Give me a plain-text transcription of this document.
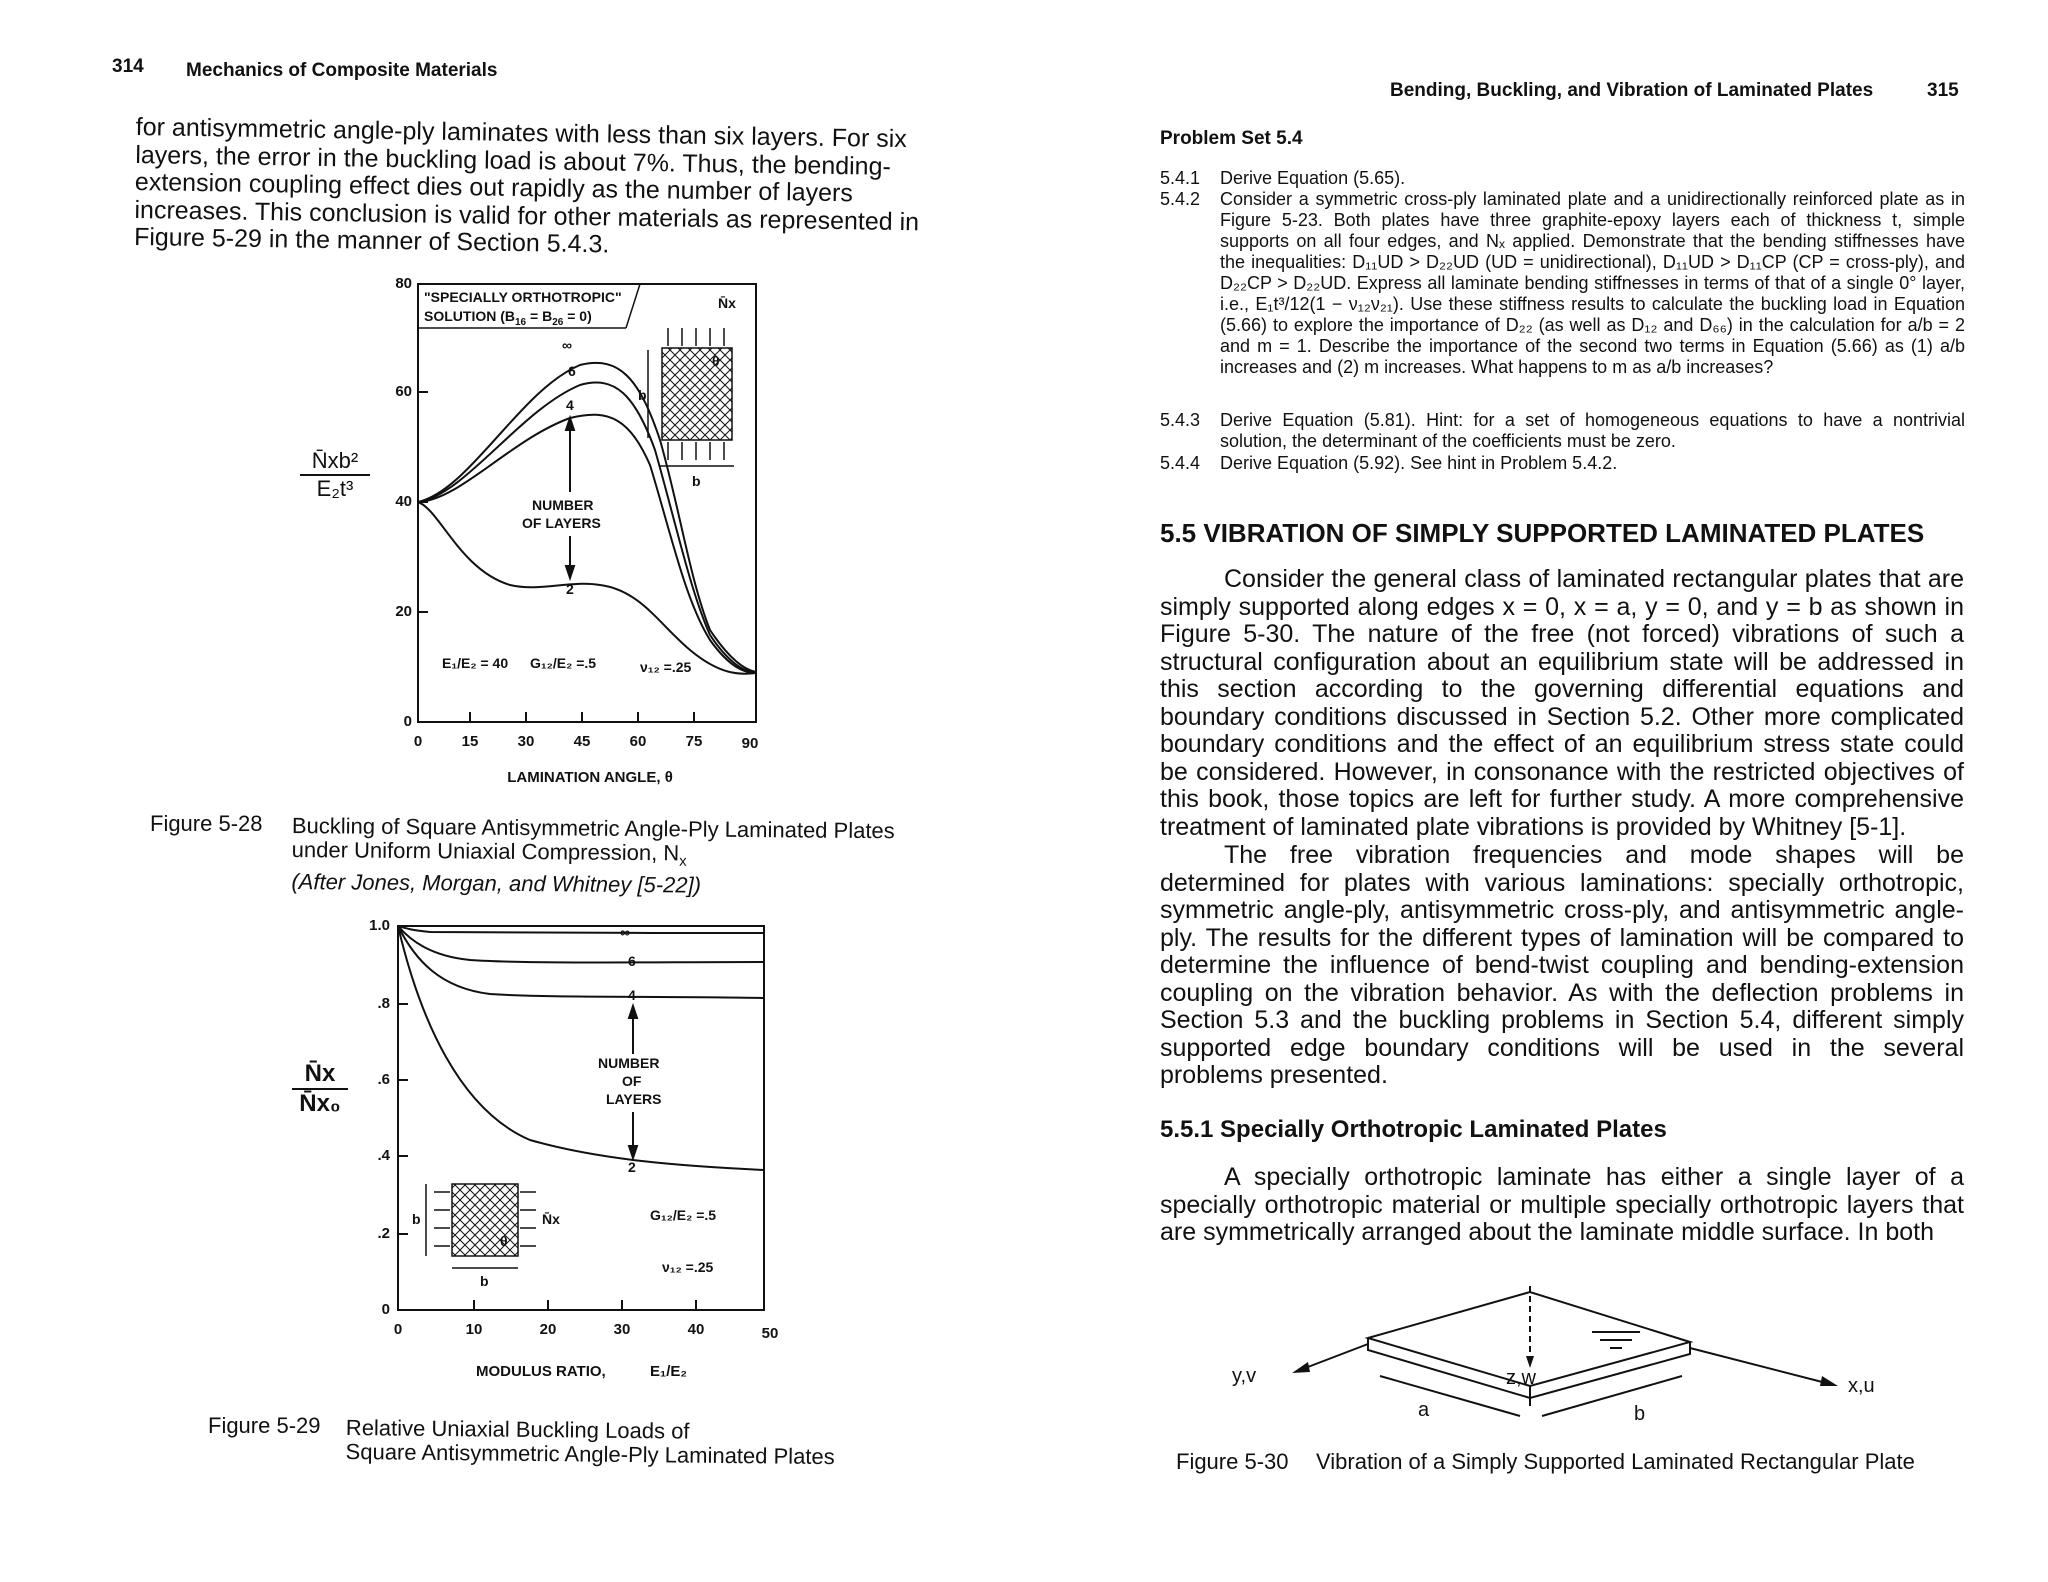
314 Mechanics of Composite Materials
for antisymmetric angle-ply laminates with less than six layers. For six layers, the error in the buckling load is about 7%. Thus, the bending-extension coupling effect dies out rapidly as the number of layers increases. This conclusion is valid for other materials as represented in Figure 5-29 in the manner of Section 5.4.3.
80
60
40
20
0
0	15	30	45	60	75	90
LAMINATION ANGLE, θ
"SPECIALLY ORTHOTROPIC"
SOLUTION $(B_{16} = B_{26} = 0)$
N̄x
∞
6
4
2
NUMBER
OF LAYERS
b
b
θ
E₁/E₂ = 40 G₁₂/E₂ =.5	ν₁₂ =.25
$\frac{\text{N̄xb²}}{\text{E₂t³}}$
Figure 5-28 Buckling of Square Antisymmetric Angle-Ply Laminated Plates
under Uniform Uniaxial Compression, $N_x$
(After Jones, Morgan, and Whitney [5-22])
1.0
.8
.6
.4
.2
0
0	10	20	30	40	50
∞
6
4
2
NUMBER
OF
LAYERS
b
b
θ
N̄x	G₁₂/E₂ =.5
ν₁₂ =.25
MODULUS RATIO,	E₁/E₂
$\frac{N̄x}{\text{N̄x₀}}$
Figure 5-29 Relative Uniaxial Buckling Loads of
Square Antisymmetric Angle-Ply Laminated Plates
Bending, Buckling, and Vibration of Laminated Plates	315
Problem Set 5.4
5.4.1	Derive Equation (5.65).
5.4.2	Consider a symmetric cross-ply laminated plate and a unidirectionally reinforced plate as in Figure 5-23. Both plates have three graphite-epoxy layers each of thickness t, simple supports on all four edges, and Nₓ applied. Demonstrate that the bending stiffnesses have the inequalities: D₁₁UD > D₂₂UD (UD = unidirectional), D₁₁UD > D₁₁CP (CP = cross-ply), and D₂₂CP > D₂₂UD. Express all laminate bending stiffnesses in terms of that of a single 0° layer, i.e., E₁t³/12(1 − ν₁₂ν₂₁). Use these stiffness results to calculate the buckling load in Equation (5.66) to explore the importance of D₂₂ (as well as D₁₂ and D₆₆) in the calculation for a/b = 2 and m = 1. Describe the importance of the second two terms in Equation (5.66) as (1) a/b increases and (2) m increases. What happens to m as a/b increases?
5.4.3	Derive Equation (5.81). Hint: for a set of homogeneous equations to have a nontrivial solution, the determinant of the coefficients must be zero.
5.4.4	Derive Equation (5.92). See hint in Problem 5.4.2.
5.5 VIBRATION OF SIMPLY SUPPORTED LAMINATED PLATES
Consider the general class of laminated rectangular plates that are simply supported along edges x = 0, x = a, y = 0, and y = b as shown in Figure 5-30. The nature of the free (not forced) vibrations of such a structural configuration about an equilibrium state will be addressed in this section according to the governing differential equations and boundary conditions discussed in Section 5.2. Other more complicated boundary conditions and the effect of an equilibrium stress state could be considered. However, in consonance with the restricted objectives of this book, those topics are left for further study. A more comprehensive treatment of laminated plate vibrations is provided by Whitney [5-1].
The free vibration frequencies and mode shapes will be determined for plates with various laminations: specially orthotropic, symmetric angle-ply, antisymmetric cross-ply, and antisymmetric angle-ply. The results for the different types of lamination will be compared to determine the influence of bend-twist coupling and bending-extension coupling on the vibration behavior. As with the deflection problems in Section 5.3 and the buckling problems in Section 5.4, different simply supported edge boundary conditions will be used in the several problems presented.
5.5.1 Specially Orthotropic Laminated Plates
A specially orthotropic laminate has either a single layer of a specially orthotropic material or multiple specially orthotropic layers that are symmetrically arranged about the laminate middle surface. In both
y,v	z,w	x,u
a	b
Figure 5-30 Vibration of a Simply Supported Laminated Rectangular Plate
